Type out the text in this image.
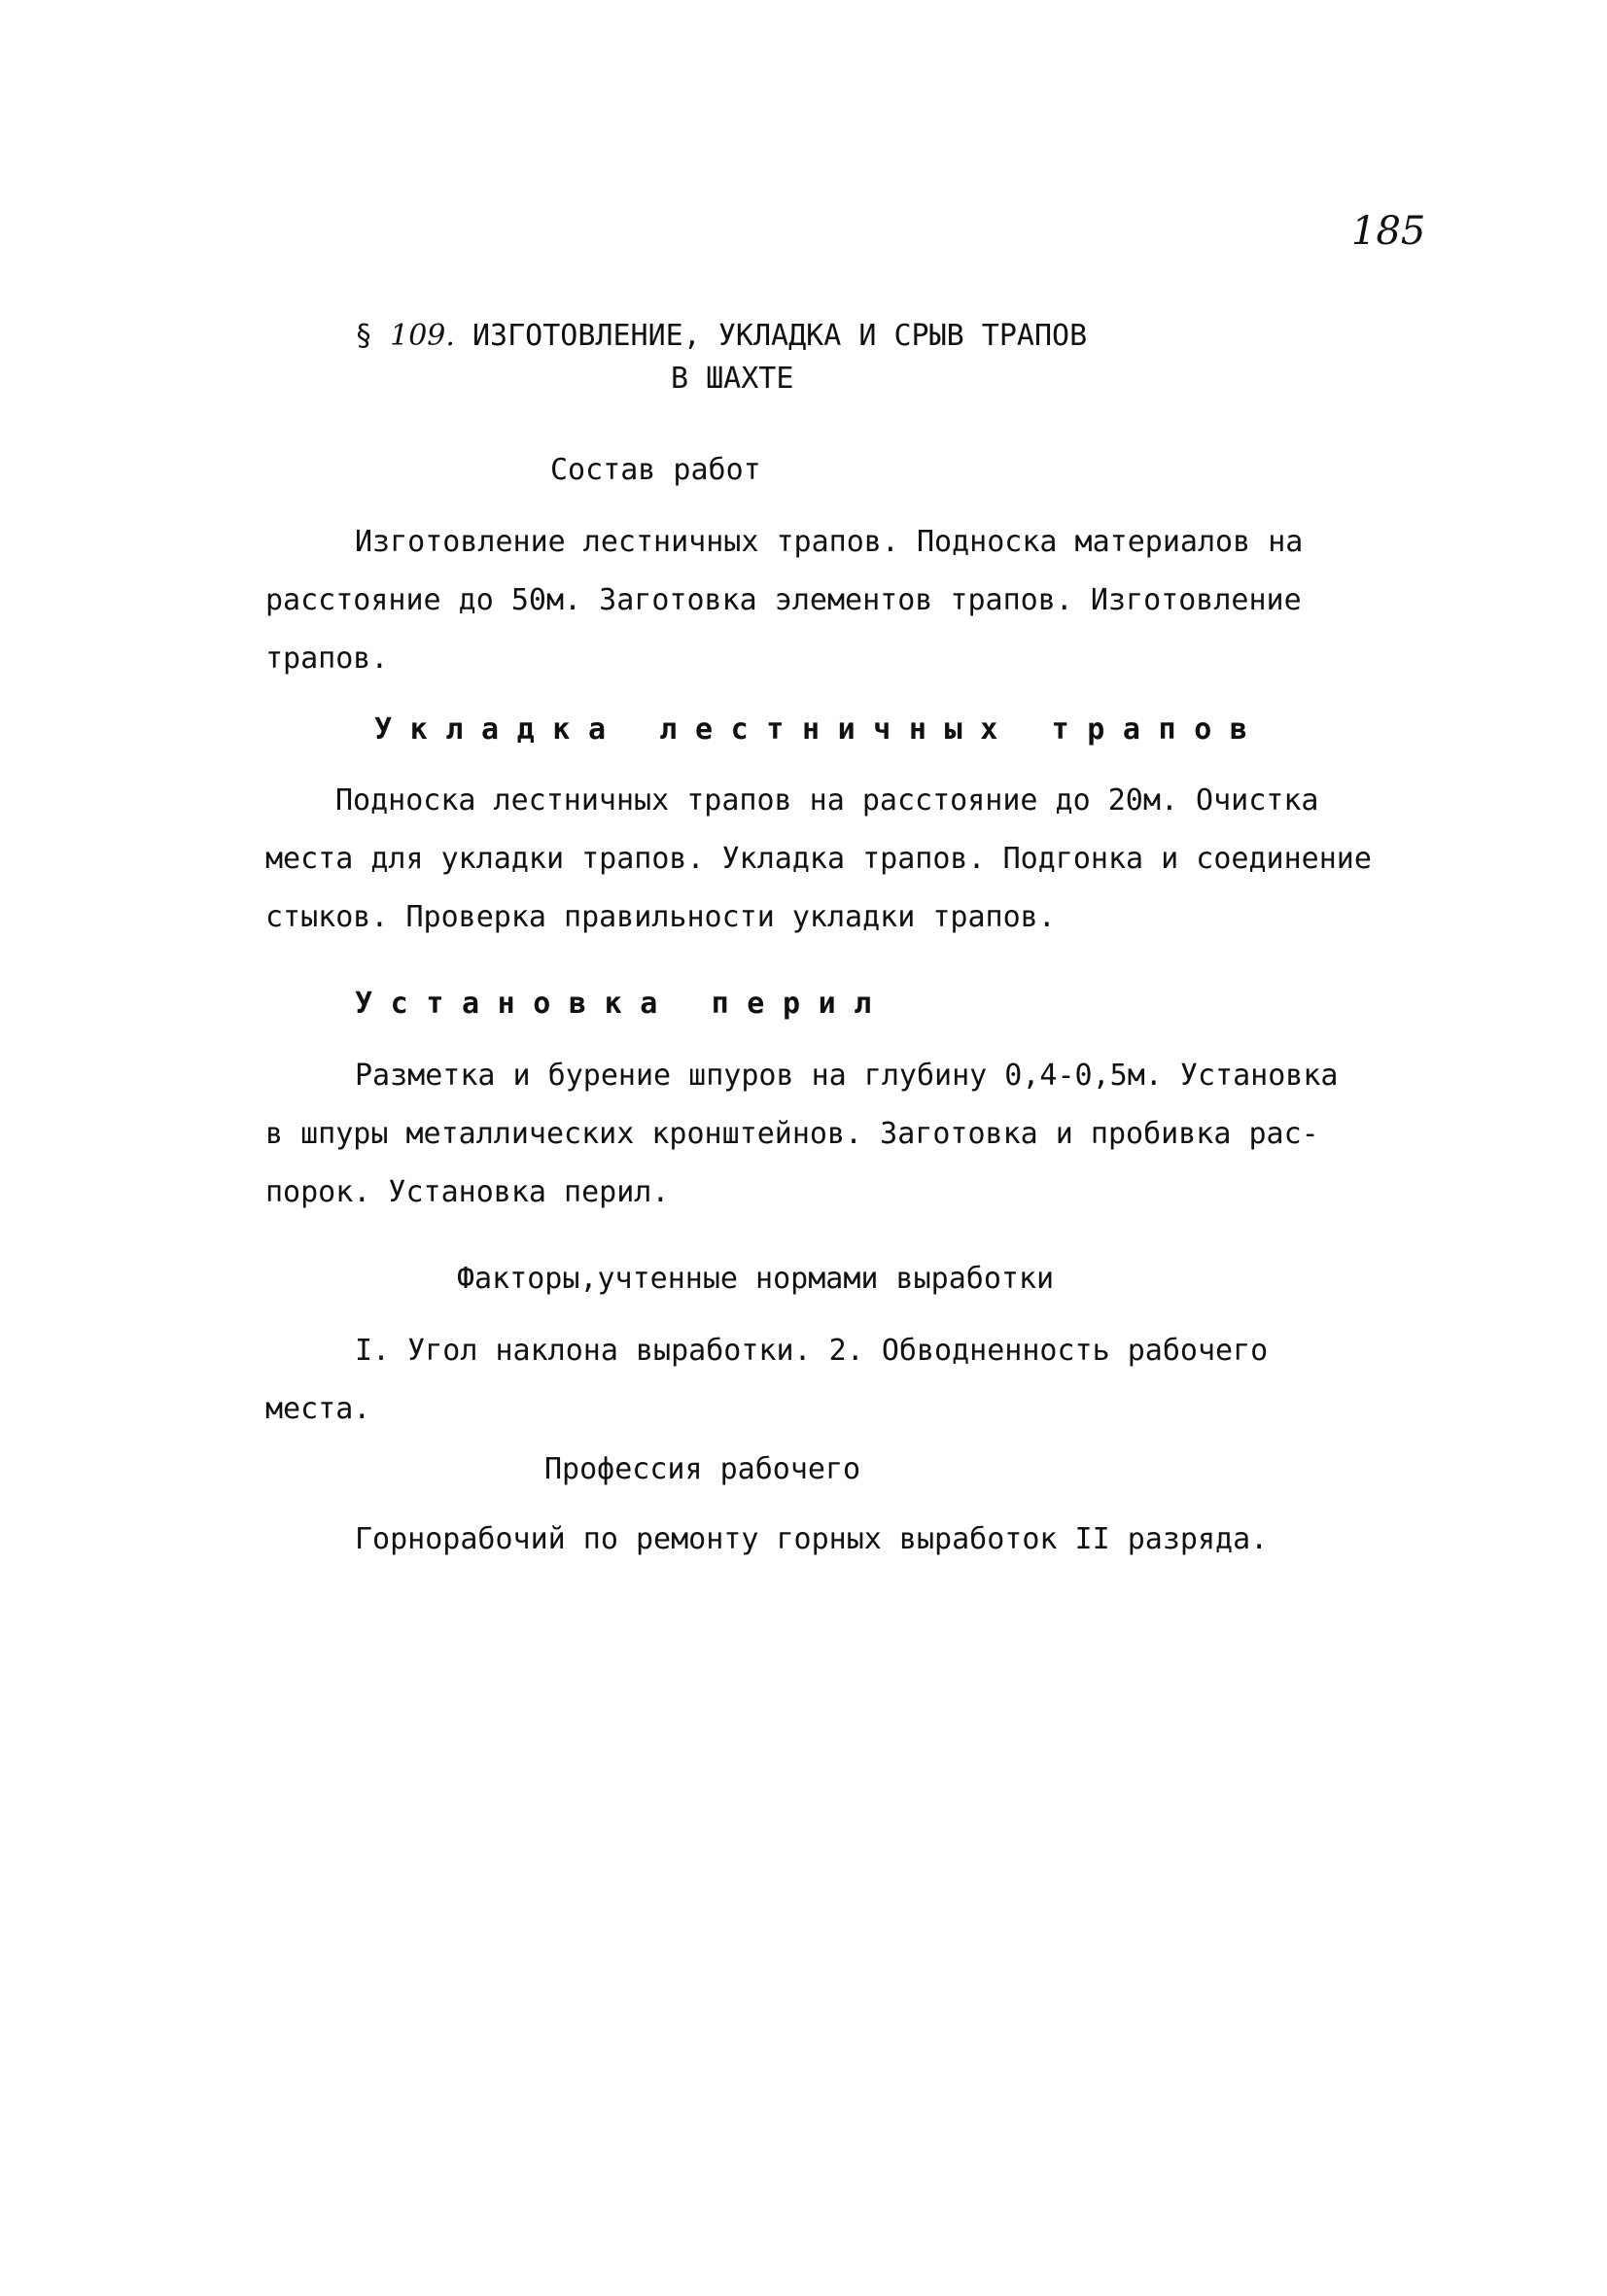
185
§ 109. ИЗГОТОВЛЕНИЕ, УКЛАДКА И СРЫВ ТРАПОВ
В ШАХТЕ
Состав работ
Изготовление лестничных трапов. Подноска материалов на
расстояние до 50м. Заготовка элементов трапов. Изготовление
трапов.
Укладка лестничных трапов
Подноска лестничных трапов на расстояние до 20м. Очистка
места для укладки трапов. Укладка трапов. Подгонка и соединение
стыков. Проверка правильности укладки трапов.
Установка перил
Разметка и бурение шпуров на глубину 0,4-0,5м. Установка
в шпуры металлических кронштейнов. Заготовка и пробивка рас-
порок. Установка перил.
Факторы,учтенные нормами выработки
I. Угол наклона выработки. 2. Обводненность рабочего
места.
Профессия рабочего
Горнорабочий по ремонту горных выработок II разряда.
